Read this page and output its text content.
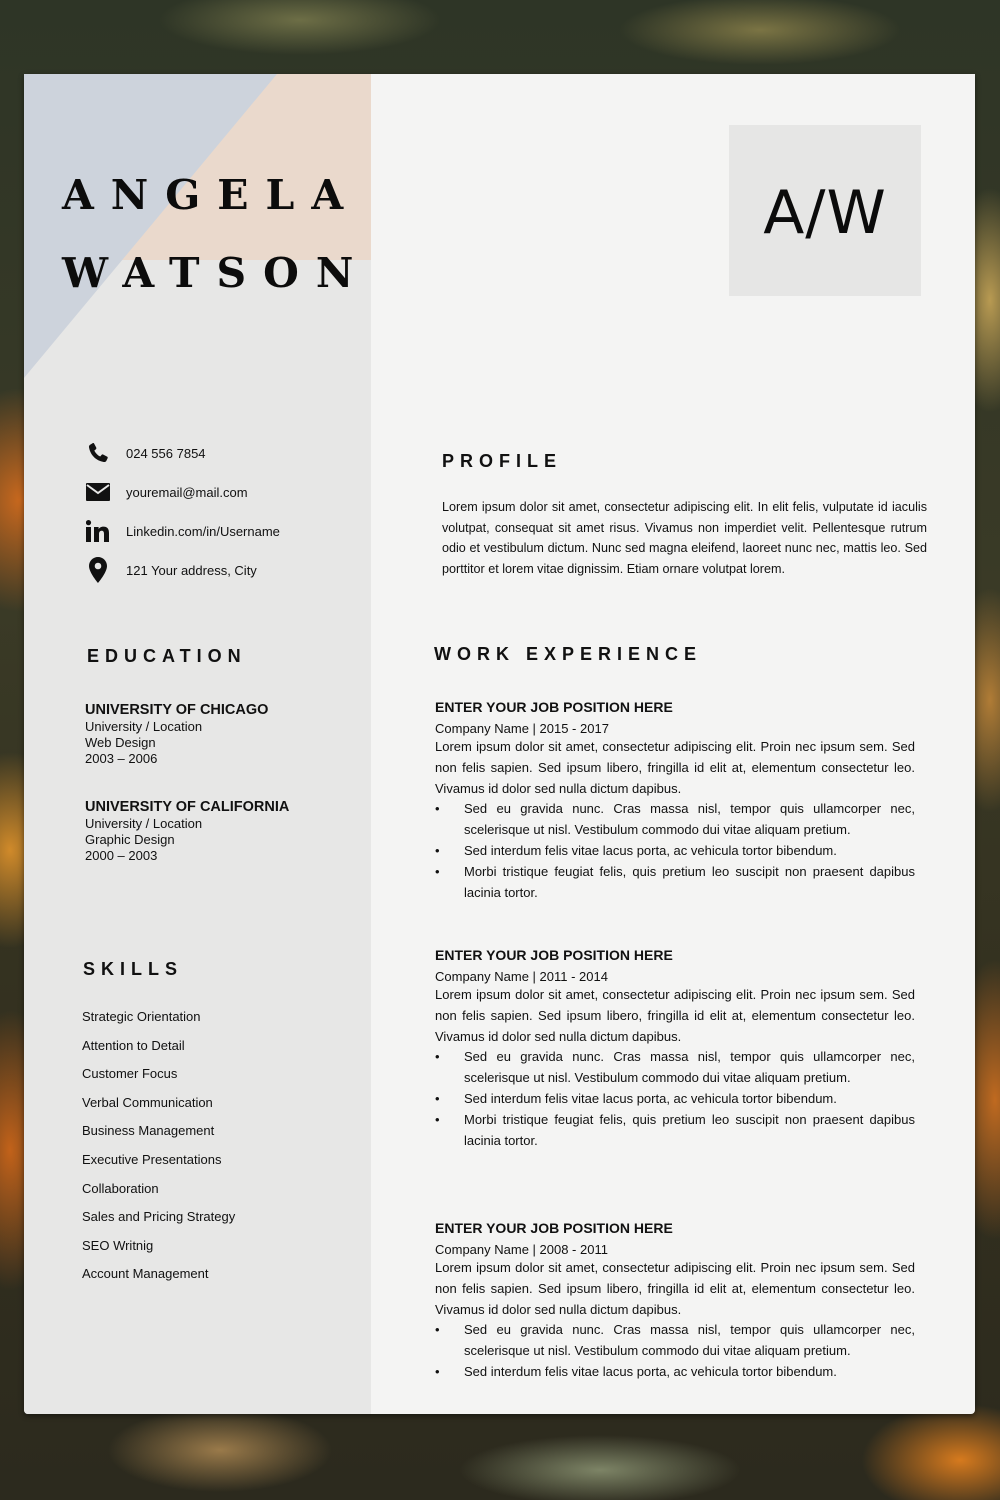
ANGELA
WATSON
A/W
024 556 7854
youremail@mail.com
Linkedin.com/in/Username
121 Your address, City
EDUCATION
UNIVERSITY OF CHICAGO
University / Location
Web Design
2003 – 2006
UNIVERSITY OF CALIFORNIA
University / Location
Graphic Design
2000 – 2003
SKILLS
Strategic Orientation
Attention to Detail
Customer Focus
Verbal Communication
Business Management
Executive Presentations
Collaboration
Sales and Pricing Strategy
SEO Writnig
Account Management
PROFILE
Lorem ipsum dolor sit amet, consectetur adipiscing elit. In elit felis, vulputate id iaculis volutpat, consequat sit amet risus. Vivamus non imperdiet velit. Pellentesque rutrum odio et vestibulum dictum. Nunc sed magna eleifend, laoreet nunc nec, mattis leo. Sed porttitor et lorem vitae dignissim. Etiam ornare volutpat lorem.
WORK EXPERIENCE
ENTER YOUR JOB POSITION HERE
Company Name | 2015 - 2017
Lorem ipsum dolor sit amet, consectetur adipiscing elit. Proin nec ipsum sem. Sed non felis sapien. Sed ipsum libero, fringilla id elit at, elementum consectetur leo. Vivamus id dolor sed nulla dictum dapibus.
• Sed eu gravida nunc. Cras massa nisl, tempor quis ullamcorper nec, scelerisque ut nisl. Vestibulum commodo dui vitae aliquam pretium.
• Sed interdum felis vitae lacus porta, ac vehicula tortor bibendum.
• Morbi tristique feugiat felis, quis pretium leo suscipit non praesent dapibus lacinia tortor.
ENTER YOUR JOB POSITION HERE
Company Name | 2011 - 2014
Lorem ipsum dolor sit amet, consectetur adipiscing elit. Proin nec ipsum sem. Sed non felis sapien. Sed ipsum libero, fringilla id elit at, elementum consectetur leo. Vivamus id dolor sed nulla dictum dapibus.
• Sed eu gravida nunc. Cras massa nisl, tempor quis ullamcorper nec, scelerisque ut nisl. Vestibulum commodo dui vitae aliquam pretium.
• Sed interdum felis vitae lacus porta, ac vehicula tortor bibendum.
• Morbi tristique feugiat felis, quis pretium leo suscipit non praesent dapibus lacinia tortor.
ENTER YOUR JOB POSITION HERE
Company Name | 2008 - 2011
Lorem ipsum dolor sit amet, consectetur adipiscing elit. Proin nec ipsum sem. Sed non felis sapien. Sed ipsum libero, fringilla id elit at, elementum consectetur leo. Vivamus id dolor sed nulla dictum dapibus.
• Sed eu gravida nunc. Cras massa nisl, tempor quis ullamcorper nec, scelerisque ut nisl. Vestibulum commodo dui vitae aliquam pretium.
• Sed interdum felis vitae lacus porta, ac vehicula tortor bibendum.
